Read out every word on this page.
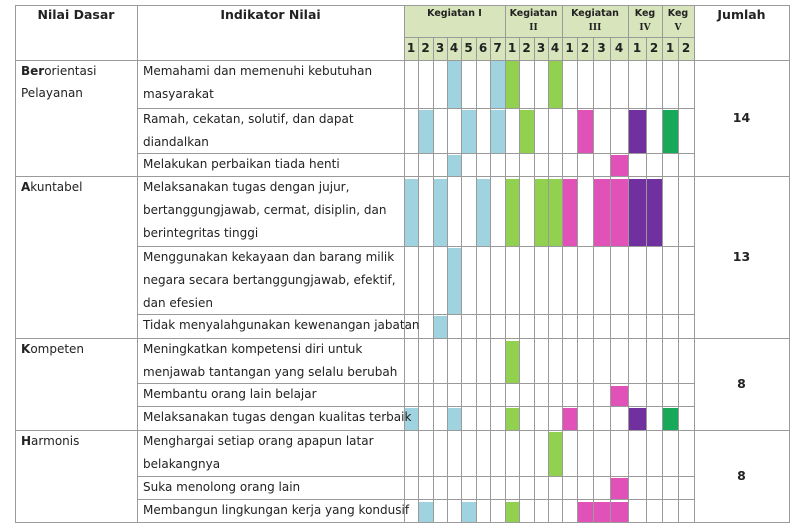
Nilai Dasar	Indikator Nilai	Jumlah
Kegiatan I
1 2 3 4 5 6 7
Kegiatan
II
1 2 3 4
Kegiatan
III
1 2 3 4
Keg
IV
1 2
Keg
V
1 2
Berorientasi
Pelayanan
14
Memahami dan memenuhi kebutuhan
masyarakat
Ramah, cekatan, solutif, dan dapat
diandalkan
Melakukan perbaikan tiada henti
Akuntabel
13
Melaksanakan tugas dengan jujur,
bertanggungjawab, cermat, disiplin, dan
berintegritas tinggi
Menggunakan kekayaan dan barang milik
negara secara bertanggungjawab, efektif,
dan efesien
Tidak menyalahgunakan kewenangan jabatan
Kompeten
8
Meningkatkan kompetensi diri untuk
menjawab tantangan yang selalu berubah
Membantu orang lain belajar
Melaksanakan tugas dengan kualitas terbaik
Harmonis
8
Menghargai setiap orang apapun latar
belakangnya
Suka menolong orang lain
Membangun lingkungan kerja yang kondusif
